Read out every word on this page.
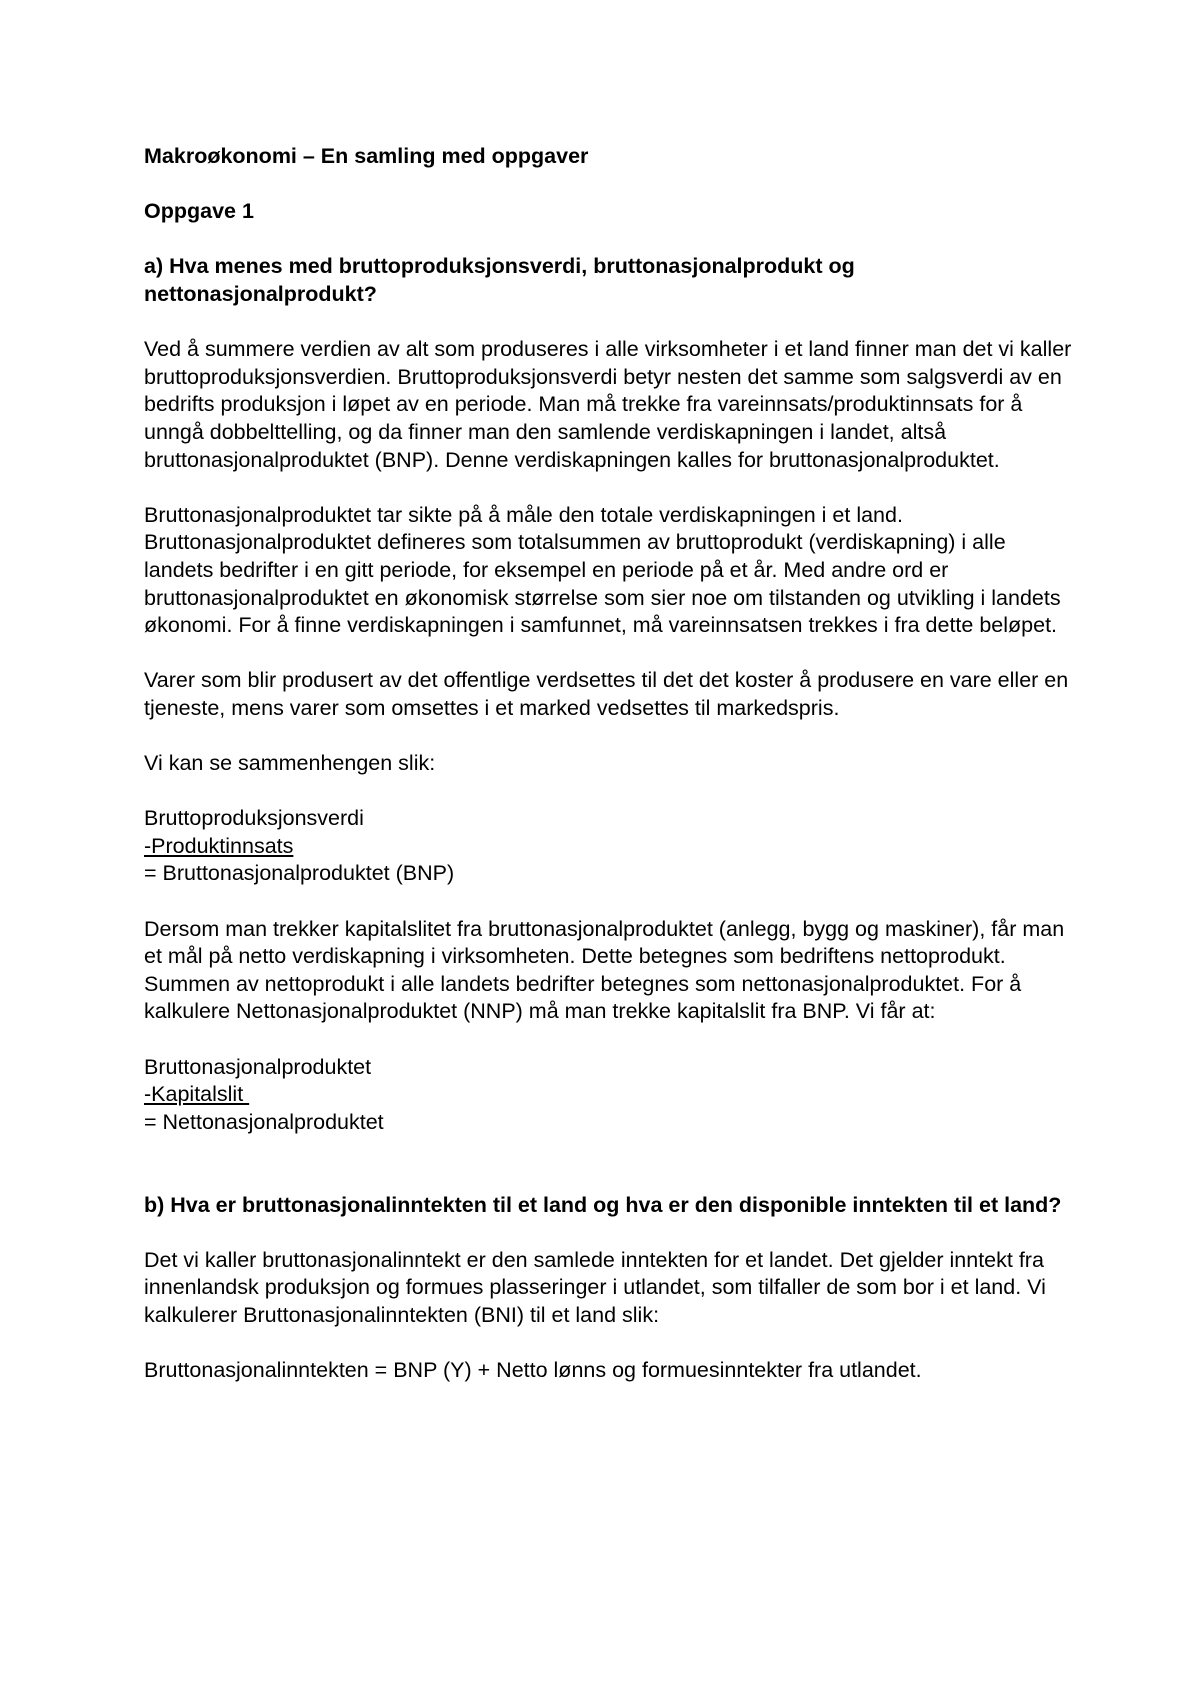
Makroøkonomi – En samling med oppgaver

Oppgave 1

a) Hva menes med bruttoproduksjonsverdi, bruttonasjonalprodukt og nettonasjonalprodukt?

Ved å summere verdien av alt som produseres i alle virksomheter i et land finner man det vi kaller bruttoproduksjonsverdien. Bruttoproduksjonsverdi betyr nesten det samme som salgsverdi av en bedrifts produksjon i løpet av en periode. Man må trekke fra vareinnsats/produktinnsats for å unngå dobbelttelling, og da finner man den samlende verdiskapningen i landet, altså bruttonasjonalproduktet (BNP). Denne verdiskapningen kalles for bruttonasjonalproduktet.

Bruttonasjonalproduktet tar sikte på å måle den totale verdiskapningen i et land. Bruttonasjonalproduktet defineres som totalsummen av bruttoprodukt (verdiskapning) i alle landets bedrifter i en gitt periode, for eksempel en periode på et år. Med andre ord er bruttonasjonalproduktet en økonomisk størrelse som sier noe om tilstanden og utvikling i landets økonomi. For å finne verdiskapningen i samfunnet, må vareinnsatsen trekkes i fra dette beløpet.

Varer som blir produsert av det offentlige verdsettes til det det koster å produsere en vare eller en tjeneste, mens varer som omsettes i et marked vedsettes til markedspris.

Vi kan se sammenhengen slik:

Bruttoproduksjonsverdi
-Produktinnsats
= Bruttonasjonalproduktet (BNP)

Dersom man trekker kapitalslitet fra bruttonasjonalproduktet (anlegg, bygg og maskiner), får man et mål på netto verdiskapning i virksomheten. Dette betegnes som bedriftens nettoprodukt. Summen av nettoprodukt i alle landets bedrifter betegnes som nettonasjonalproduktet. For å kalkulere Nettonasjonalproduktet (NNP) må man trekke kapitalslit fra BNP. Vi får at:

Bruttonasjonalproduktet
-Kapitalslit
= Nettonasjonalproduktet

b) Hva er bruttonasjonalinntekten til et land og hva er den disponible inntekten til et land?

Det vi kaller bruttonasjonalinntekt er den samlede inntekten for et landet. Det gjelder inntekt fra innenlandsk produksjon og formues plasseringer i utlandet, som tilfaller de som bor i et land. Vi kalkulerer Bruttonasjonalinntekten (BNI) til et land slik:

Bruttonasjonalinntekten = BNP (Y) + Netto lønns og formuesinntekter fra utlandet.
